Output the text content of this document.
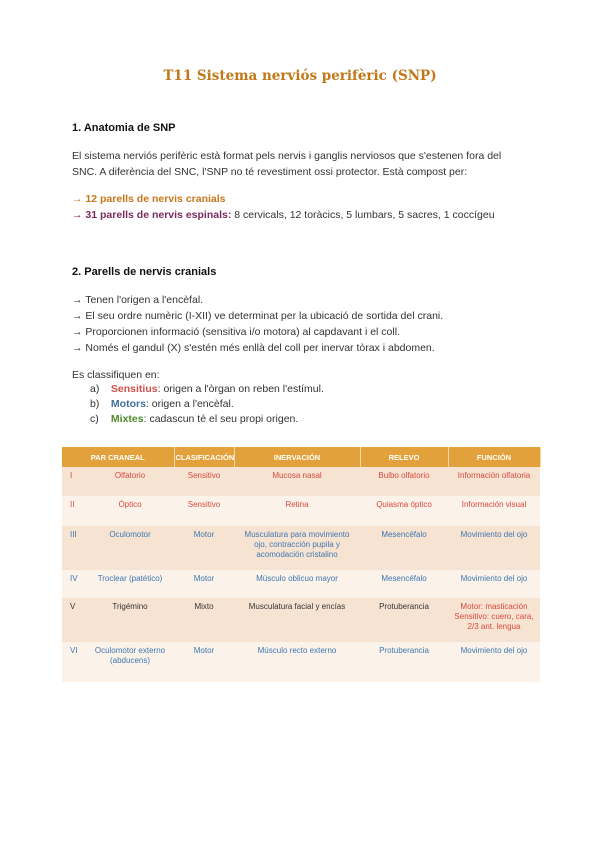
T11 Sistema nerviós perifèric (SNP)
1. Anatomia de SNP
El sistema nerviós perifèric està format pels nervis i ganglis nerviosos que s'estenen fora del
SNC. A diferència del SNC, l'SNP no té revestiment ossi protector. Està compost per:
→ 12 parells de nervis cranials
→ 31 parells de nervis espinals: 8 cervicals, 12 toràcics, 5 lumbars, 5 sacres, 1 coccígeu
2. Parells de nervis cranials
→ Tenen l'origen a l'encèfal.
→ El seu ordre numèric (I-XII) ve determinat per la ubicació de sortida del crani.
→ Proporcionen informació (sensitiva i/o motora) al capdavant i el coll.
→ Només el gandul (X) s'estén més enllà del coll per inervar tòrax i abdomen.
Es classifiquen en:
a) Sensitius: origen a l'òrgan on reben l'estímul.
b) Motors: origen a l'encèfal.
c) Mixtes: cadascun té el seu propi origen.
PAR CRANEAL		CLASIFICACIÓN	INERVACIÓN	RELEVO	FUNCIÓN
I	Olfatorio	Sensitivo	Mucosa nasal	Bulbo olfatorio	Información olfatoria
II	Óptico	Sensitivo	Retina	Quiasma óptico	Información visual
III	Oculomotor	Motor	Musculatura para movimiento ojo, contracción pupila y acomodación cristalino	Mesencéfalo	Movimiento del ojo
IV	Troclear (patético)	Motor	Músculo oblicuo mayor	Mesencéfalo	Movimiento del ojo
V	Trigémino	Mixto	Musculatura facial y encías	Protuberancia	Motor: masticación
Sensitivo: cuero, cara, 2/3 ant. lengua

VI	Oculomotor externo (abducens)	Motor	Músculo recto externo	Protuberancia	Movimiento del ojo
